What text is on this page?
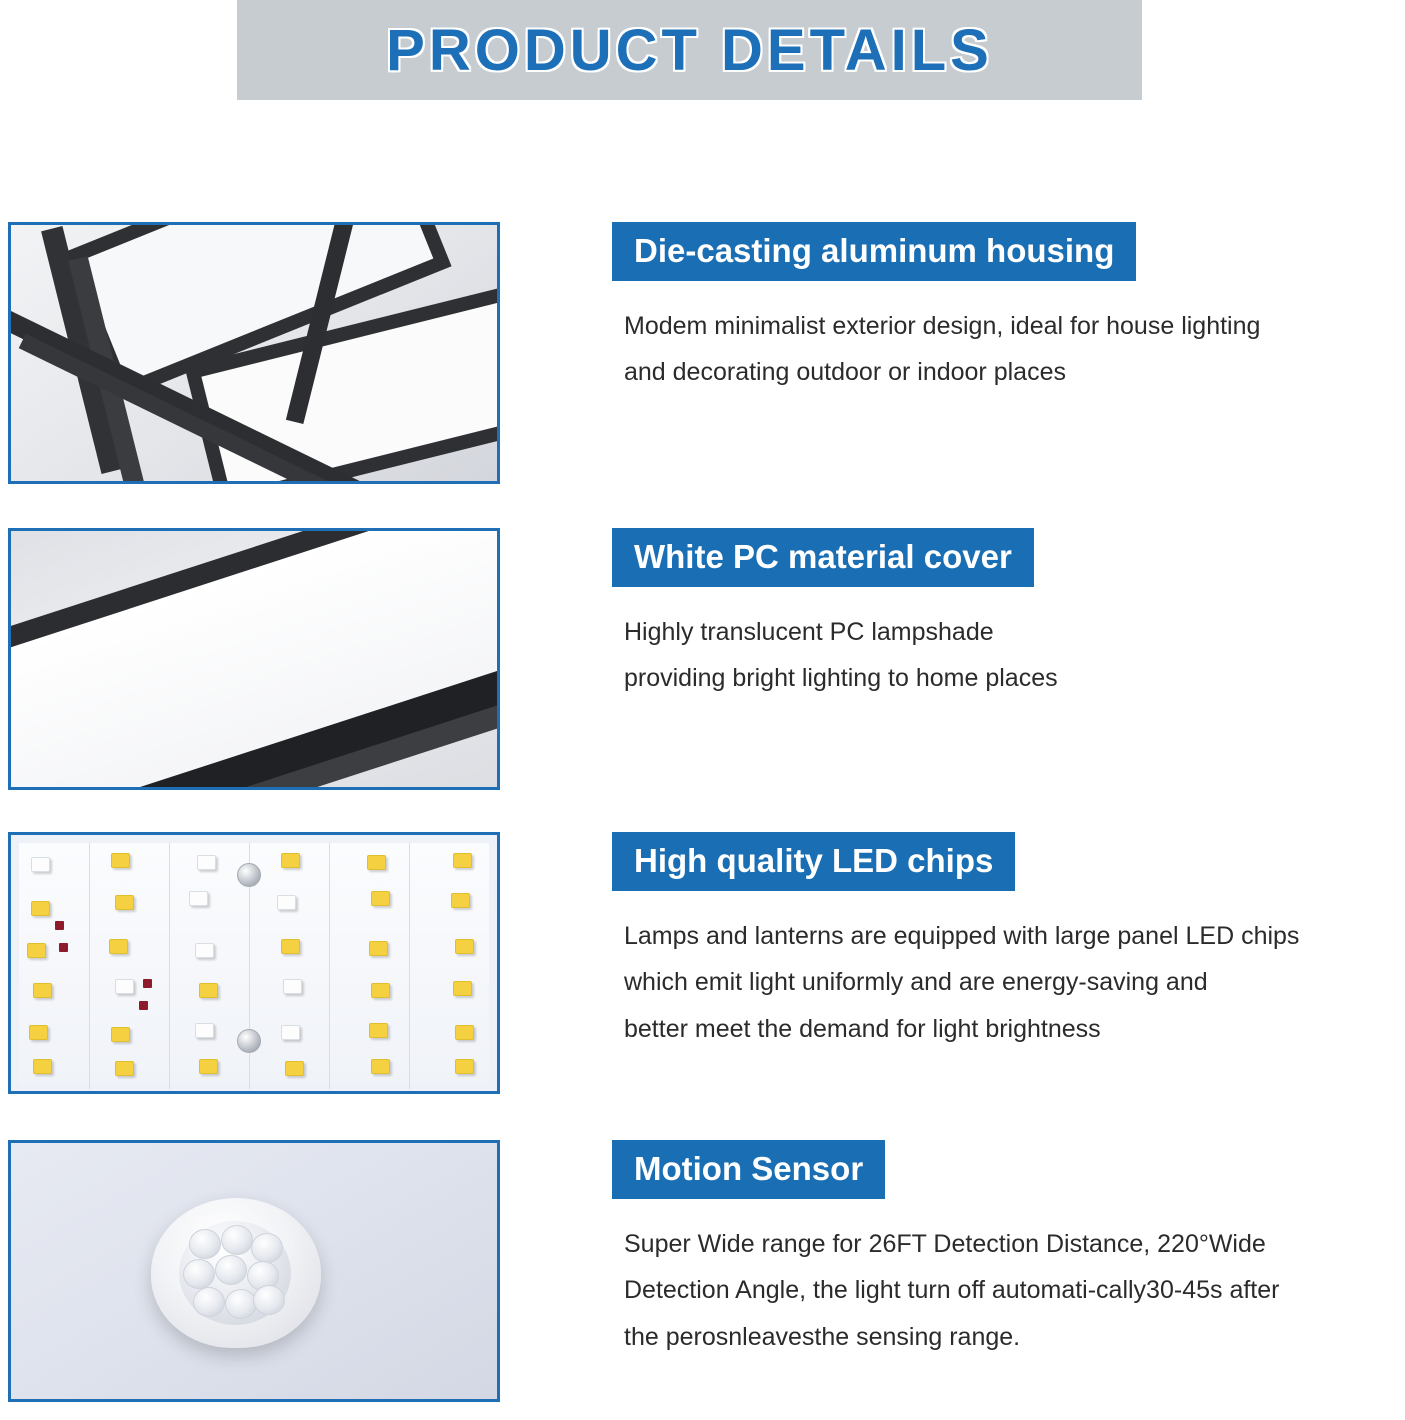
PRODUCT DETAILS
Die-casting aluminum housing
Modem minimalist exterior design, ideal for house lighting
and decorating outdoor or indoor places
White PC material cover
Highly translucent PC lampshade
providing bright lighting to home places
High quality LED chips
Lamps and lanterns are equipped with large panel LED chips
which emit light uniformly and are energy-saving and
better meet the demand for light brightness
Motion Sensor
Super Wide range for 26FT Detection Distance, 220°Wide
Detection Angle, the light turn off automati-cally30-45s after
the perosnleavesthe sensing range.
